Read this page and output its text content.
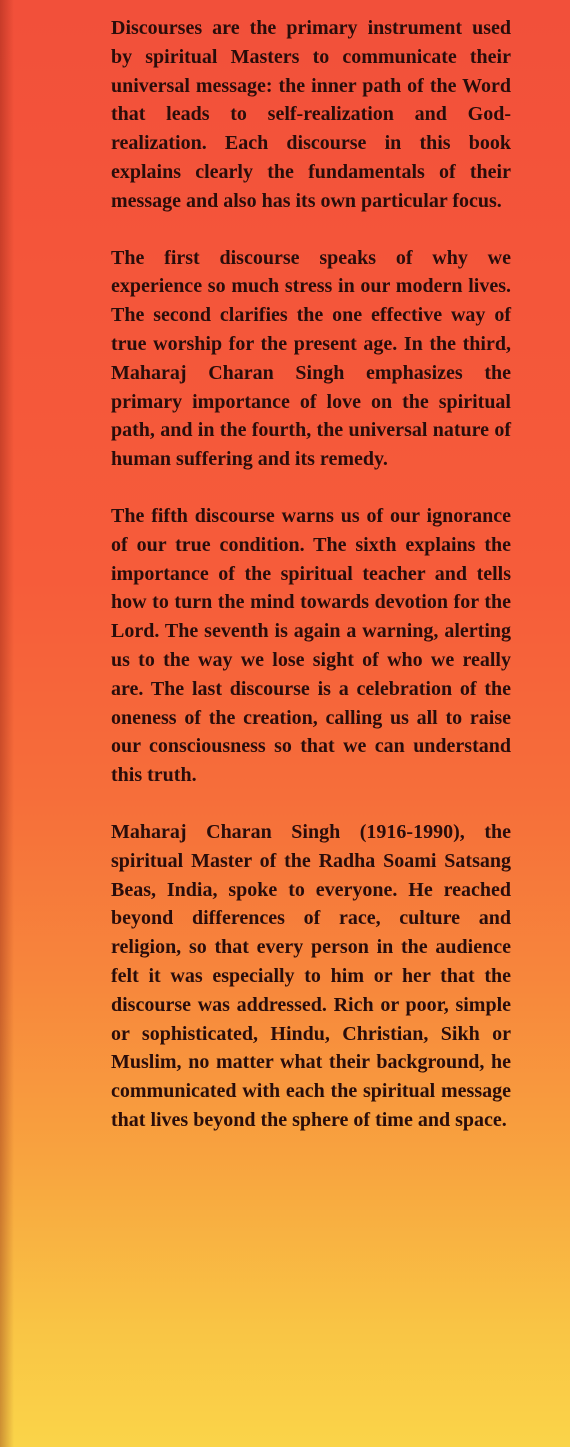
Discourses are the primary instrument used by spiritual Masters to communicate their universal message: the inner path of the Word that leads to self-realization and God-realization. Each discourse in this book explains clearly the fundamentals of their message and also has its own particular focus.

The first discourse speaks of why we experience so much stress in our modern lives. The second clarifies the one effective way of true worship for the present age. In the third, Maharaj Charan Singh emphasizes the primary importance of love on the spiritual path, and in the fourth, the universal nature of human suffering and its remedy.

The fifth discourse warns us of our ignorance of our true condition. The sixth explains the importance of the spiritual teacher and tells how to turn the mind towards devotion for the Lord. The seventh is again a warning, alerting us to the way we lose sight of who we really are. The last discourse is a celebration of the oneness of the creation, calling us all to raise our consciousness so that we can understand this truth.

Maharaj Charan Singh (1916-1990), the spiritual Master of the Radha Soami Satsang Beas, India, spoke to everyone. He reached beyond differences of race, culture and religion, so that every person in the audience felt it was especially to him or her that the discourse was addressed. Rich or poor, simple or sophisticated, Hindu, Christian, Sikh or Muslim, no matter what their background, he communicated with each the spiritual message that lives beyond the sphere of time and space.
